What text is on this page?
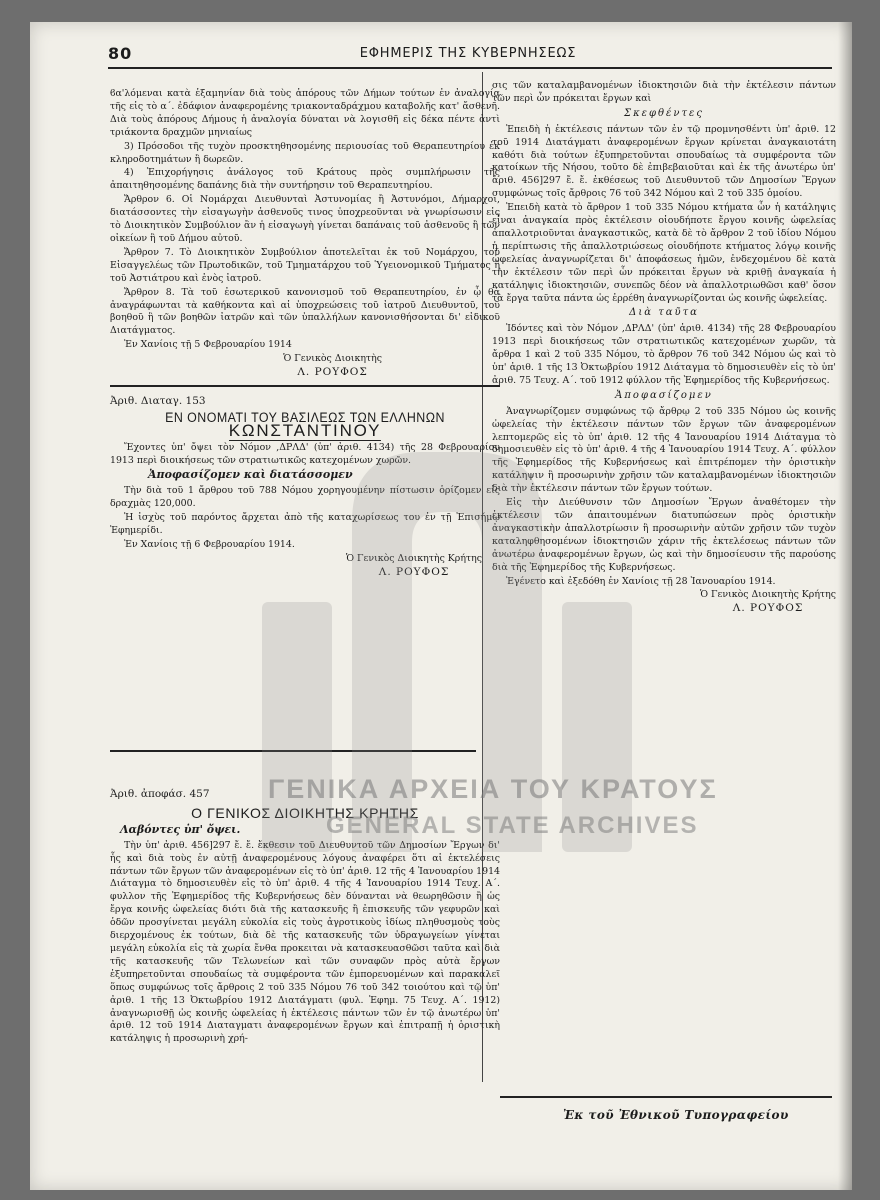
80	ΕΦΗΜΕΡΙΣ ΤΗΣ ΚΥΒΕΡΝΗΣΕΩΣ

ϐα'λόμεναι κατὰ ἑξαμηνίαν διὰ τοὺς ἀπόρους τῶν Δήμων τούτων ἐν ἀναλογίᾳ τῆς εἰς τὸ α΄. ἐδάφιον ἀναφερομένης τριακονταδράχμου καταβολῆς κατ' ἄσθενῆ. Διὰ τοὺς ἀπόρους Δήμους ἡ ἀναλογία δύναται νὰ λογισθῆ εἰς δέκα πέντε ἀντὶ τριάκοντα δραχμῶν μηνιαίως

3) Πρόσοδοι τῆς τυχὸν προσκτηθησομένης περιουσίας τοῦ Θεραπευτηρίου ἐκ κληροδοτημάτων ἢ δωρεῶν.

4) Ἐπιχορήγησις ἀνάλογος τοῦ Κράτους πρὸς συμπλήρωσιν τῆς ἀπαιτηθησομένης δαπάνης διὰ τὴν συντήρησιν τοῦ Θεραπευτηρίου.

Ἄρθρον 6. Οἱ Νομάρχαι Διευθυνταὶ Ἀστυνομίας ἢ Ἀστυνόμοι, Δήμαρχοι, διατάσσοντες τὴν εἰσαγωγὴν ἀσθενοῦς τινος ὑποχρεοῦνται νὰ γνωρίσωσιν εἰς τὸ Διοικητικὸν Συμβούλιον ἂν ἡ εἰσαγωγὴ γίνεται δαπάναις τοῦ ἀσθενοῦς ἢ τῶν οἰκείων ἢ τοῦ Δήμου αὐτοῦ.

Ἄρθρον 7. Τὸ Διοικητικὸν Συμβούλιον ἀποτελεῖται ἐκ τοῦ Νομάρχου, τοῦ Εἰσαγγελέως τῶν Πρωτοδικῶν, τοῦ Τμηματάρχου τοῦ Ὑγειονομικοῦ Τμήματος ἢ τοῦ Ἀστιάτρου καὶ ἑνὸς ἰατροῦ.

Ἄρθρον 8. Τὰ τοῦ ἐσωτερικοῦ κανονισμοῦ τοῦ Θεραπευτηρίου, ἐν ᾧ θὰ ἀναγράφωνται τὰ καθήκοντα καὶ αἱ ὑποχρεώσεις τοῦ ἰατροῦ Διευθυντοῦ, τοῦ βοηθοῦ ἢ τῶν βοηθῶν ἰατρῶν καὶ τῶν ὑπαλλήλων κανονισθήσονται δι' εἰδικοῦ Διατάγματος.

Ἐν Χανίοις τῇ 5 Φεβρουαρίου 1914

Ὁ Γενικὸς Διοικητὴς
Λ. ΡΟΥΦΟΣ
Ἀριθ. Διαταγ. 153
ΕΝ ΟΝΟΜΑΤΙ ΤΟΥ ΒΑΣΙΛΕΩΣ ΤΩΝ ΕΛΛΗΝΩΝ
ΚΩΝΣΤΑΝΤΙΝΟΥ

Ἔχοντες ὑπ' ὄψει τὸν Νόμον ,ΔΡΛΔ' (ὑπ' ἀριθ. 4134) τῆς 28 Φεβρουαρίου 1913 περὶ διοικήσεως τῶν στρατιωτικῶς κατεχομένων χωρῶν.

Ἀποφασίζομεν καὶ διατάσσομεν

Τὴν διὰ τοῦ 1 ἄρθρου τοῦ 788 Νόμου χορηγουμένην πίστωσιν ὁρίζομεν εἰς δραχμὰς 120,000.

Ἡ ἰσχὺς τοῦ παρόντος ἄρχεται ἀπὸ τῆς καταχωρίσεως του ἐν τῇ Ἐπισήμῳ Ἐφημερίδι.

Ἐν Χανίοις τῇ 6 Φεβρουαρίου 1914.

Ὁ Γενικὸς Διοικητὴς Κρήτης
Λ. ΡΟΥΦΟΣ
Ἀριθ. ἀποφάσ. 457
Ο ΓΕΝΙΚΟΣ ΔΙΟΙΚΗΤΗΣ ΚΡΗΤΗΣ
Λαβόντες ὑπ' ὄψει.

Τὴν ὑπ' ἀριθ. 456]297 ἔ. ἔ. ἔκθεσιν τοῦ Διευθυντοῦ τῶν Δημοσίων Ἔργων δι' ἧς καὶ διὰ τοὺς ἐν αὐτῇ ἀναφερομένους λόγους ἀναφέρει ὅτι αἱ ἐκτελέσεις πάντων τῶν ἔργων τῶν ἀναφερομένων εἰς τὸ ὑπ' ἀριθ. 12 τῆς 4 Ἰανουαρίου 1914 Διάταγμα τὸ δημοσιευθὲν εἰς τὸ ὑπ' ἀριθ. 4 τῆς 4 Ἰανουαρίου 1914 Τευχ. Α΄. φυλλον τῆς Ἐφημερίδος τῆς Κυβερνήσεως δὲν δύνανται νὰ θεωρηθῶσιν ἢ ὡς ἔργα κοινῆς ὠφελείας διότι διὰ τῆς κατασκευῆς ἢ ἐπισκευῆς τῶν γεφυρῶν καὶ ὁδῶν προσγίνεται μεγάλη εὐκολία εἰς τοὺς ἀγροτικοὺς ἰδίως πληθυσμοὺς τοὺς διερχομένους ἐκ τούτων, διὰ δὲ τῆς κατασκευῆς τῶν ὑδραγωγείων γίνεται μεγάλη εὐκολία εἰς τὰ χωρία ἔνθα προκειται νὰ κατασκευασθῶσι ταῦτα καὶ διὰ τῆς κατασκευῆς τῶν Τελωνείων καὶ τῶν συναφῶν πρὸς αὐτὰ ἔργων ἐξυπηρετοῦνται σπουδαίως τὰ συμφέροντα τῶν ἐμπορευομένων καὶ παρακαλεῖ ὅπως συμφώνως τοῖς ἄρθροις 2 τοῦ 335 Νόμου 76 τοῦ 342 τοιούτου καὶ τῷ ὑπ' ἀριθ. 1 τῆς 13 Ὀκτωβρίου 1912 Διατάγματι (φυλ. Ἐφημ. 75 Τευχ. Α΄. 1912) ἀναγνωρισθῇ ὡς κοινῆς ὠφελείας ἡ ἐκτέλεσις πάντων τῶν ἐν τῷ ἀνωτέρω ὑπ' ἀριθ. 12 τοῦ 1914 Διαταγματι ἀναφερομένων ἔργων καὶ ἐπιτραπῇ ἡ ὁριστικὴ κατάληψις ἡ προσωρινὴ χρή-

σις τῶν καταλαμβανομένων ἰδιοκτησιῶν διὰ τὴν ἐκτέλεσιν πάντων τῶν περὶ ὧν πρόκειται ἔργων καὶ

Σκεφθέντες

Ἐπειδὴ ἡ ἐκτέλεσις πάντων τῶν ἐν τῷ προμνησθέντι ὑπ' ἀριθ. 12 τοῦ 1914 Διατάγματι ἀναφερομένων ἔργων κρίνεται ἀναγκαιοτάτη καθότι διὰ τούτων ἐξυπηρετοῦνται σπουδαίως τὰ συμφέροντα τῶν κατοίκων τῆς Νήσου, τοῦτο δὲ ἐπιβεβαιοῦται καὶ ἐκ τῆς ἀνωτέρω ὑπ' ἀριθ. 456]297 ἔ. ἔ. ἐκθέσεως τοῦ Διευθυντοῦ τῶν Δημοσίων Ἔργων συμφώνως τοῖς ἄρθροις 76 τοῦ 342 Νόμου καὶ 2 τοῦ 335 ὁμοίου.

Ἐπειδὴ κατὰ τὸ ἄρθρον 1 τοῦ 335 Νόμου κτήματα ὧν ἡ κατάληψις εἶναι ἀναγκαία πρὸς ἐκτέλεσιν οἱουδήποτε ἔργου κοινῆς ὠφελείας ἀπαλλοτριοῦνται ἀναγκαστικῶς, κατὰ δὲ τὸ ἄρθρον 2 τοῦ ἰδίου Νόμου ἡ περίπτωσις τῆς ἀπαλλοτριώσεως οἱουδήποτε κτήματος λόγῳ κοινῆς ὠφελείας ἀναγνωρίζεται δι' ἀποφάσεως ἡμῶν, ἐνδεχομένου δὲ κατὰ τὴν ἐκτέλεσιν τῶν περὶ ὧν πρόκειται ἔργων νὰ κριθῇ ἀναγκαία ἡ κατάληψις ἰδιοκτησιῶν, συνεπῶς δέον νὰ ἀπαλλοτριωθῶσι καθ' ὅσον τὰ ἔργα ταῦτα πάντα ὡς ἐρρέθη ἀναγνωρίζονται ὡς κοινῆς ὠφελείας.

Διὰ ταῦτα

Ἰδόντες καὶ τὸν Νόμον ,ΔΡΛΔ' (ὑπ' ἀριθ. 4134) τῆς 28 Φεβρουαρίου 1913 περὶ διοικήσεως τῶν στρατιωτικῶς κατεχομένων χωρῶν, τὰ ἄρθρα 1 καὶ 2 τοῦ 335 Νόμου, τὸ ἄρθρον 76 τοῦ 342 Νόμου ὡς καὶ τὸ ὑπ' ἀριθ. 1 τῆς 13 Ὀκτωβρίου 1912 Διάταγμα τὸ δημοσιευθὲν εἰς τὸ ὑπ' ἀριθ. 75 Τευχ. Α΄. τοῦ 1912 φύλλον τῆς Ἐφημερίδος τῆς Κυβερνήσεως.

Ἀποφασίζομεν

Ἀναγνωρίζομεν συμφώνως τῷ ἄρθρῳ 2 τοῦ 335 Νόμου ὡς κοινῆς ὠφελείας τὴν ἐκτέλεσιν πάντων τῶν ἔργων τῶν ἀναφερομένων λεπτομερῶς εἰς τὸ ὑπ' ἀριθ. 12 τῆς 4 Ἰανουαρίου 1914 Διάταγμα τὸ δημοσιευθὲν εἰς τὸ ὑπ' ἀριθ. 4 τῆς 4 Ἰανουαρίου 1914 Τευχ. Α΄. φύλλον τῆς Ἐφημερίδος τῆς Κυβερνήσεως καὶ ἐπιτρέπομεν τὴν ὁριστικὴν κατάληψιν ἢ προσωρινὴν χρῆσιν τῶν καταλαμβανομένων ἰδιοκτησιῶν διὰ τὴν ἐκτέλεσιν πάντων τῶν ἔργων τούτων.

Εἰς τὴν Διεύθυνσιν τῶν Δημοσίων Ἔργων ἀναθέτομεν τὴν ἐκτέλεσιν τῶν ἀπαιτουμένων διατυπώσεων πρὸς ὁριστικὴν ἀναγκαστικὴν ἀπαλλοτρίωσιν ἢ προσωρινὴν αὐτῶν χρῆσιν τῶν τυχὸν καταληφθησομένων ἰδιοκτησιῶν χάριν τῆς ἐκτελέσεως πάντων τῶν ἀνωτέρω ἀναφερομένων ἔργων, ὡς καὶ τὴν δημοσίευσιν τῆς παρούσης διὰ τῆς Ἐφημερίδος τῆς Κυβερνήσεως.

Ἐγένετο καὶ ἐξεδόθη ἐν Χανίοις τῇ 28 Ἰανουαρίου 1914.

Ὁ Γενικὸς Διοικητὴς Κρήτης
Λ. ΡΟΥΦΟΣ
Ἐκ τοῦ Ἐθνικοῦ Τυπογραφείου
ΓΕΝΙΚΑ ΑΡΧΕΙΑ ΤΟΥ ΚΡΑΤΟΥΣ
GENERAL STATE ARCHIVES
